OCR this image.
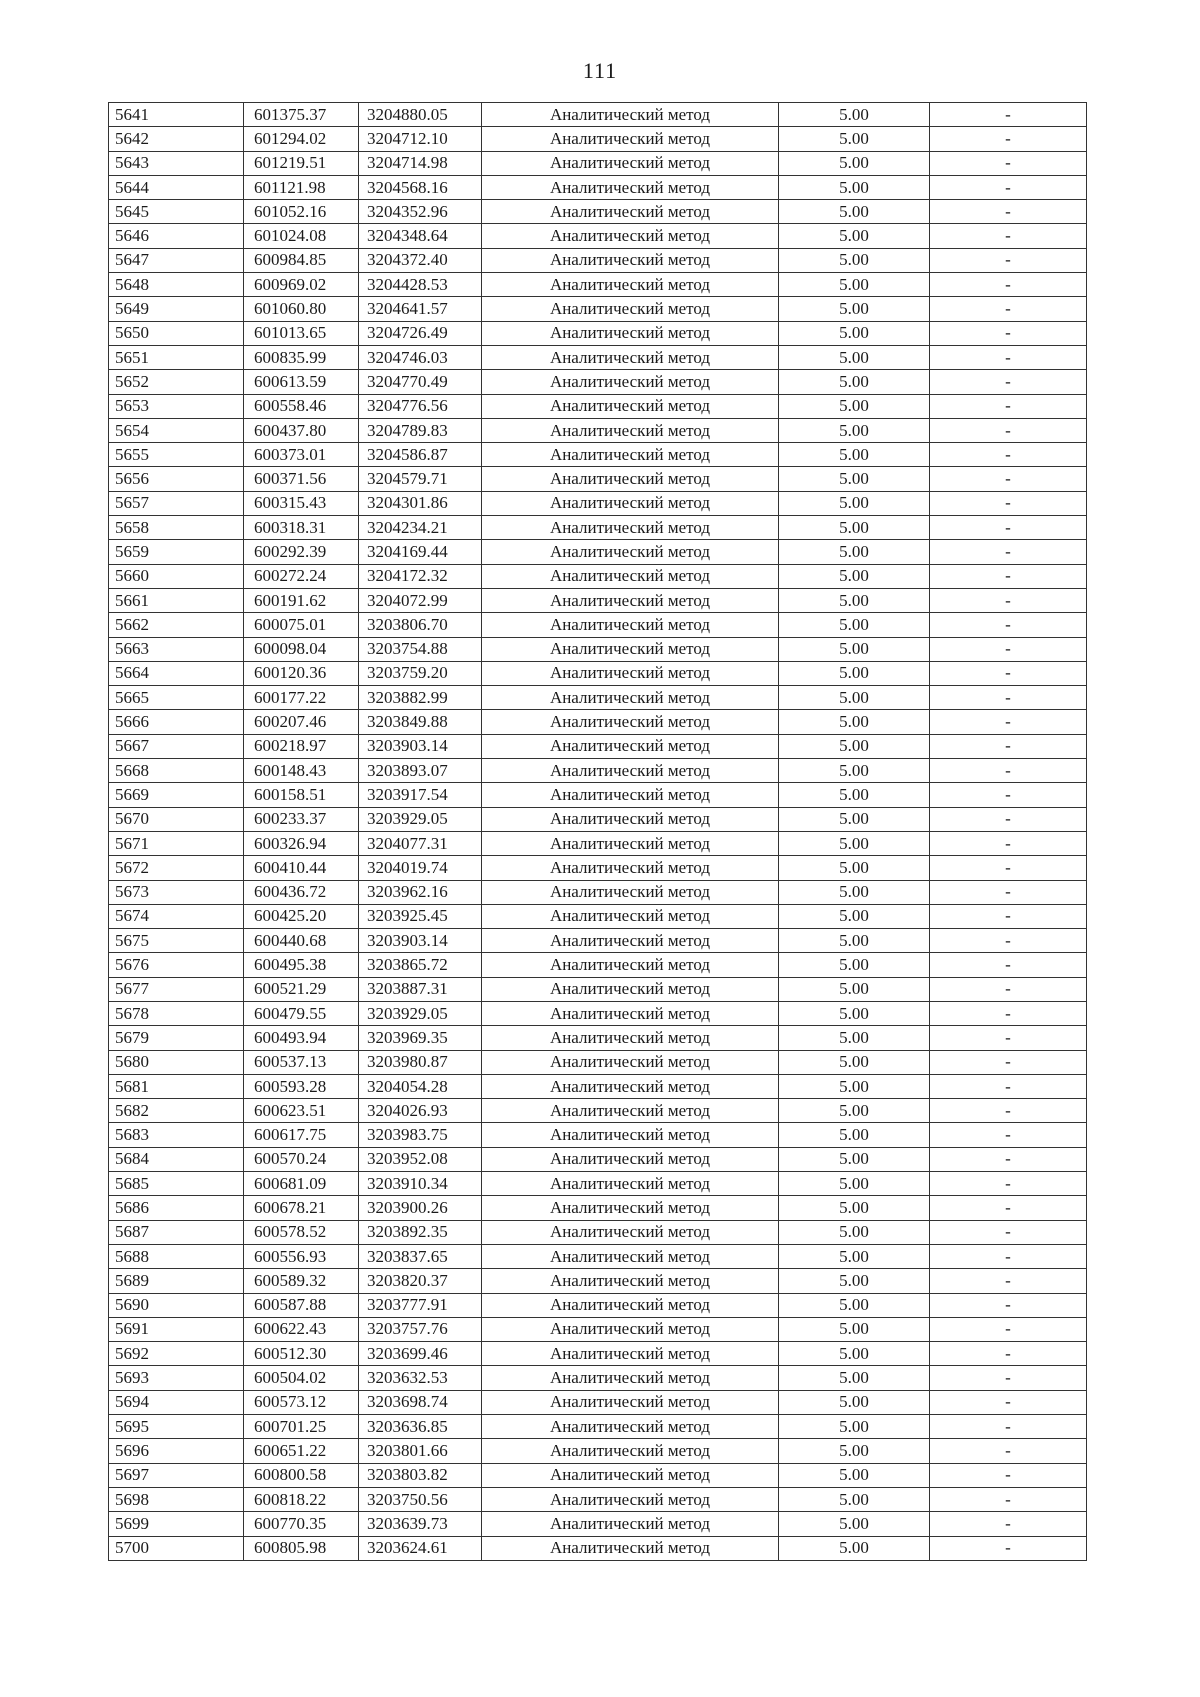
111
5641	601375.37	3204880.05	Аналитический метод	5.00	-
5642	601294.02	3204712.10	Аналитический метод	5.00	-
5643	601219.51	3204714.98	Аналитический метод	5.00	-
5644	601121.98	3204568.16	Аналитический метод	5.00	-
5645	601052.16	3204352.96	Аналитический метод	5.00	-
5646	601024.08	3204348.64	Аналитический метод	5.00	-
5647	600984.85	3204372.40	Аналитический метод	5.00	-
5648	600969.02	3204428.53	Аналитический метод	5.00	-
5649	601060.80	3204641.57	Аналитический метод	5.00	-
5650	601013.65	3204726.49	Аналитический метод	5.00	-
5651	600835.99	3204746.03	Аналитический метод	5.00	-
5652	600613.59	3204770.49	Аналитический метод	5.00	-
5653	600558.46	3204776.56	Аналитический метод	5.00	-
5654	600437.80	3204789.83	Аналитический метод	5.00	-
5655	600373.01	3204586.87	Аналитический метод	5.00	-
5656	600371.56	3204579.71	Аналитический метод	5.00	-
5657	600315.43	3204301.86	Аналитический метод	5.00	-
5658	600318.31	3204234.21	Аналитический метод	5.00	-
5659	600292.39	3204169.44	Аналитический метод	5.00	-
5660	600272.24	3204172.32	Аналитический метод	5.00	-
5661	600191.62	3204072.99	Аналитический метод	5.00	-
5662	600075.01	3203806.70	Аналитический метод	5.00	-
5663	600098.04	3203754.88	Аналитический метод	5.00	-
5664	600120.36	3203759.20	Аналитический метод	5.00	-
5665	600177.22	3203882.99	Аналитический метод	5.00	-
5666	600207.46	3203849.88	Аналитический метод	5.00	-
5667	600218.97	3203903.14	Аналитический метод	5.00	-
5668	600148.43	3203893.07	Аналитический метод	5.00	-
5669	600158.51	3203917.54	Аналитический метод	5.00	-
5670	600233.37	3203929.05	Аналитический метод	5.00	-
5671	600326.94	3204077.31	Аналитический метод	5.00	-
5672	600410.44	3204019.74	Аналитический метод	5.00	-
5673	600436.72	3203962.16	Аналитический метод	5.00	-
5674	600425.20	3203925.45	Аналитический метод	5.00	-
5675	600440.68	3203903.14	Аналитический метод	5.00	-
5676	600495.38	3203865.72	Аналитический метод	5.00	-
5677	600521.29	3203887.31	Аналитический метод	5.00	-
5678	600479.55	3203929.05	Аналитический метод	5.00	-
5679	600493.94	3203969.35	Аналитический метод	5.00	-
5680	600537.13	3203980.87	Аналитический метод	5.00	-
5681	600593.28	3204054.28	Аналитический метод	5.00	-
5682	600623.51	3204026.93	Аналитический метод	5.00	-
5683	600617.75	3203983.75	Аналитический метод	5.00	-
5684	600570.24	3203952.08	Аналитический метод	5.00	-
5685	600681.09	3203910.34	Аналитический метод	5.00	-
5686	600678.21	3203900.26	Аналитический метод	5.00	-
5687	600578.52	3203892.35	Аналитический метод	5.00	-
5688	600556.93	3203837.65	Аналитический метод	5.00	-
5689	600589.32	3203820.37	Аналитический метод	5.00	-
5690	600587.88	3203777.91	Аналитический метод	5.00	-
5691	600622.43	3203757.76	Аналитический метод	5.00	-
5692	600512.30	3203699.46	Аналитический метод	5.00	-
5693	600504.02	3203632.53	Аналитический метод	5.00	-
5694	600573.12	3203698.74	Аналитический метод	5.00	-
5695	600701.25	3203636.85	Аналитический метод	5.00	-
5696	600651.22	3203801.66	Аналитический метод	5.00	-
5697	600800.58	3203803.82	Аналитический метод	5.00	-
5698	600818.22	3203750.56	Аналитический метод	5.00	-
5699	600770.35	3203639.73	Аналитический метод	5.00	-
5700	600805.98	3203624.61	Аналитический метод	5.00	-
